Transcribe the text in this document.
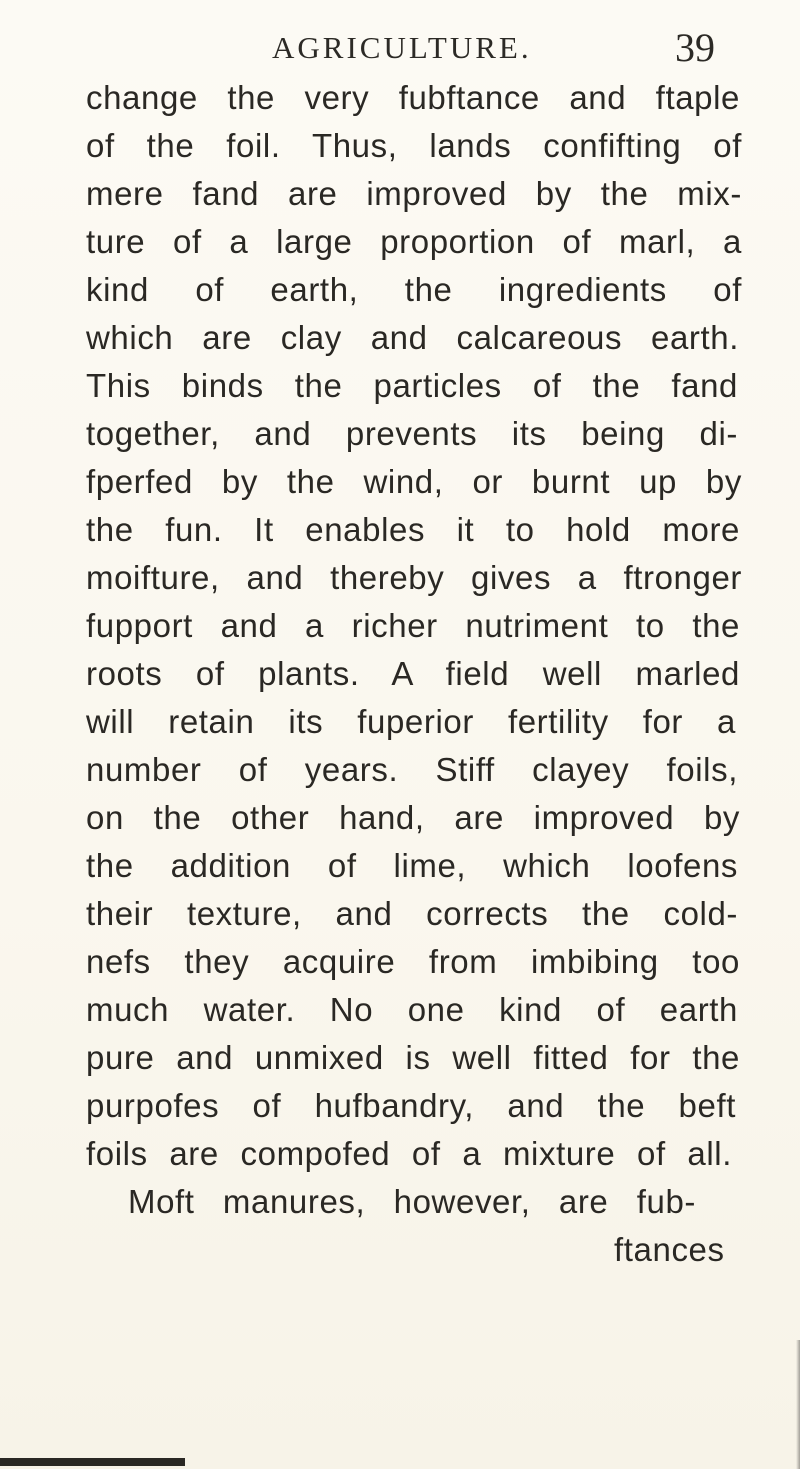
AGRICULTURE.	39
change the very fubftance and ftaple
of the foil. Thus, lands confifting of
mere fand are improved by the mix-
ture of a large proportion of marl, a
kind of earth, the ingredients of
which are clay and calcareous earth.
This binds the particles of the fand
together, and prevents its being di-
fperfed by the wind, or burnt up by
the fun. It enables it to hold more
moifture, and thereby gives a ftronger
fupport and a richer nutriment to the
roots of plants. A field well marled
will retain its fuperior fertility for a
number of years. Stiff clayey foils,
on the other hand, are improved by
the addition of lime, which loofens
their texture, and corrects the cold-
nefs they acquire from imbibing too
much water. No one kind of earth
pure and unmixed is well fitted for the
purpofes of hufbandry, and the beft
foils are compofed of a mixture of all.
Moft manures, however, are fub-
ftances
